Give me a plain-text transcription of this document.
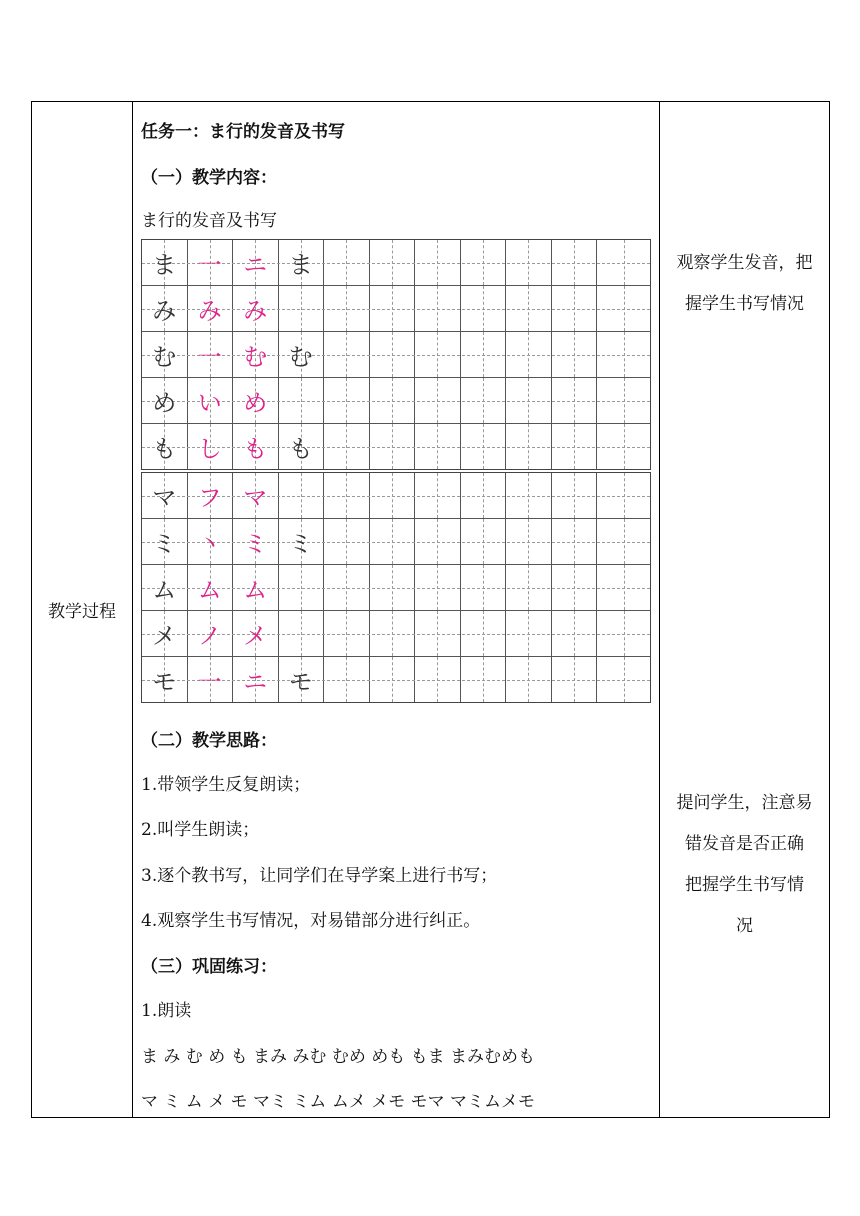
教学过程
任务一：ま行的发音及书写
（一）教学内容：
ま行的发音及书写
ま 一 ニ ま
み み み
む 一 む む
め い め
も し も も
マ フ マ
ミ 丶 ミ ミ
ム ム ム
メ ノ メ
モ 一 ニ モ
（二）教学思路：
1.带领学生反复朗读；
2.叫学生朗读；
3.逐个教书写，让同学们在导学案上进行书写；
4.观察学生书写情况，对易错部分进行纠正。
（三）巩固练习：
1.朗读
ま み む め も まみ みむ むめ めも もま まみむめも
マ ミ ム メ モ マミ ミム ムメ メモ モマ マミムメモ
观察学生发音，把
握学生书写情况
提问学生，注意易
错发音是否正确
把握学生书写情
况
